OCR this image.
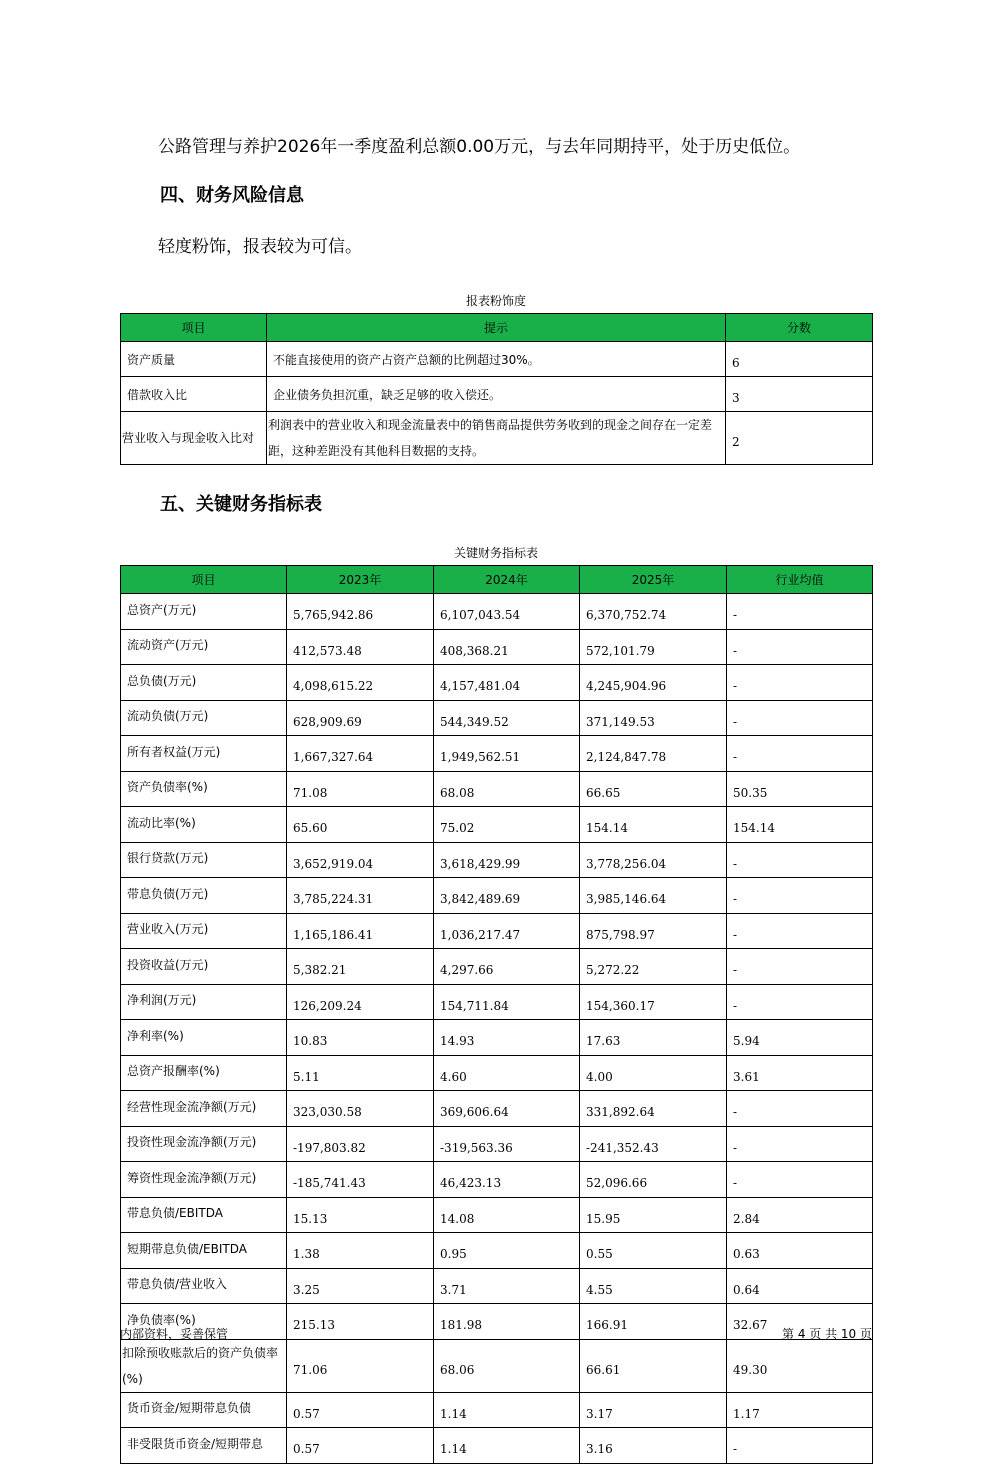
公路管理与养护2026年一季度盈利总额0.00万元，与去年同期持平，处于历史低位。

四、财务风险信息

轻度粉饰，报表较为可信。

报表粉饰度

项目	提示	分数
资产质量	不能直接使用的资产占资产总额的比例超过30%。	6
借款收入比	企业债务负担沉重，缺乏足够的收入偿还。	3
营业收入与现金收入比对	利润表中的营业收入和现金流量表中的销售商品提供劳务收到的现金之间存在一定差距，这种差距没有其他科目数据的支持。	2
五、关键财务指标表

关键财务指标表

项目	2023年	2024年	2025年	行业均值
总资产(万元)	5,765,942.86	6,107,043.54	6,370,752.74	-
流动资产(万元)	412,573.48	408,368.21	572,101.79	-
总负债(万元)	4,098,615.22	4,157,481.04	4,245,904.96	-
流动负债(万元)	628,909.69	544,349.52	371,149.53	-
所有者权益(万元)	1,667,327.64	1,949,562.51	2,124,847.78	-
资产负债率(%)	71.08	68.08	66.65	50.35
流动比率(%)	65.60	75.02	154.14	154.14
银行贷款(万元)	3,652,919.04	3,618,429.99	3,778,256.04	-
带息负债(万元)	3,785,224.31	3,842,489.69	3,985,146.64	-
营业收入(万元)	1,165,186.41	1,036,217.47	875,798.97	-
投资收益(万元)	5,382.21	4,297.66	5,272.22	-
净利润(万元)	126,209.24	154,711.84	154,360.17	-
净利率(%)	10.83	14.93	17.63	5.94
总资产报酬率(%)	5.11	4.60	4.00	3.61
经营性现金流净额(万元)	323,030.58	369,606.64	331,892.64	-
投资性现金流净额(万元)	-197,803.82	-319,563.36	-241,352.43	-
筹资性现金流净额(万元)	-185,741.43	46,423.13	52,096.66	-
带息负债/EBITDA	15.13	14.08	15.95	2.84
短期带息负债/EBITDA	1.38	0.95	0.55	0.63
带息负债/营业收入	3.25	3.71	4.55	0.64
净负债率(%)	215.13	181.98	166.91	32.67
扣除预收账款后的资产负债率(%)	71.06	68.06	66.61	49.30
货币资金/短期带息负债	0.57	1.14	3.17	1.17
非受限货币资金/短期带息	0.57	1.14	3.16	-

内部资料，妥善保管	第 4 页 共 10 页
